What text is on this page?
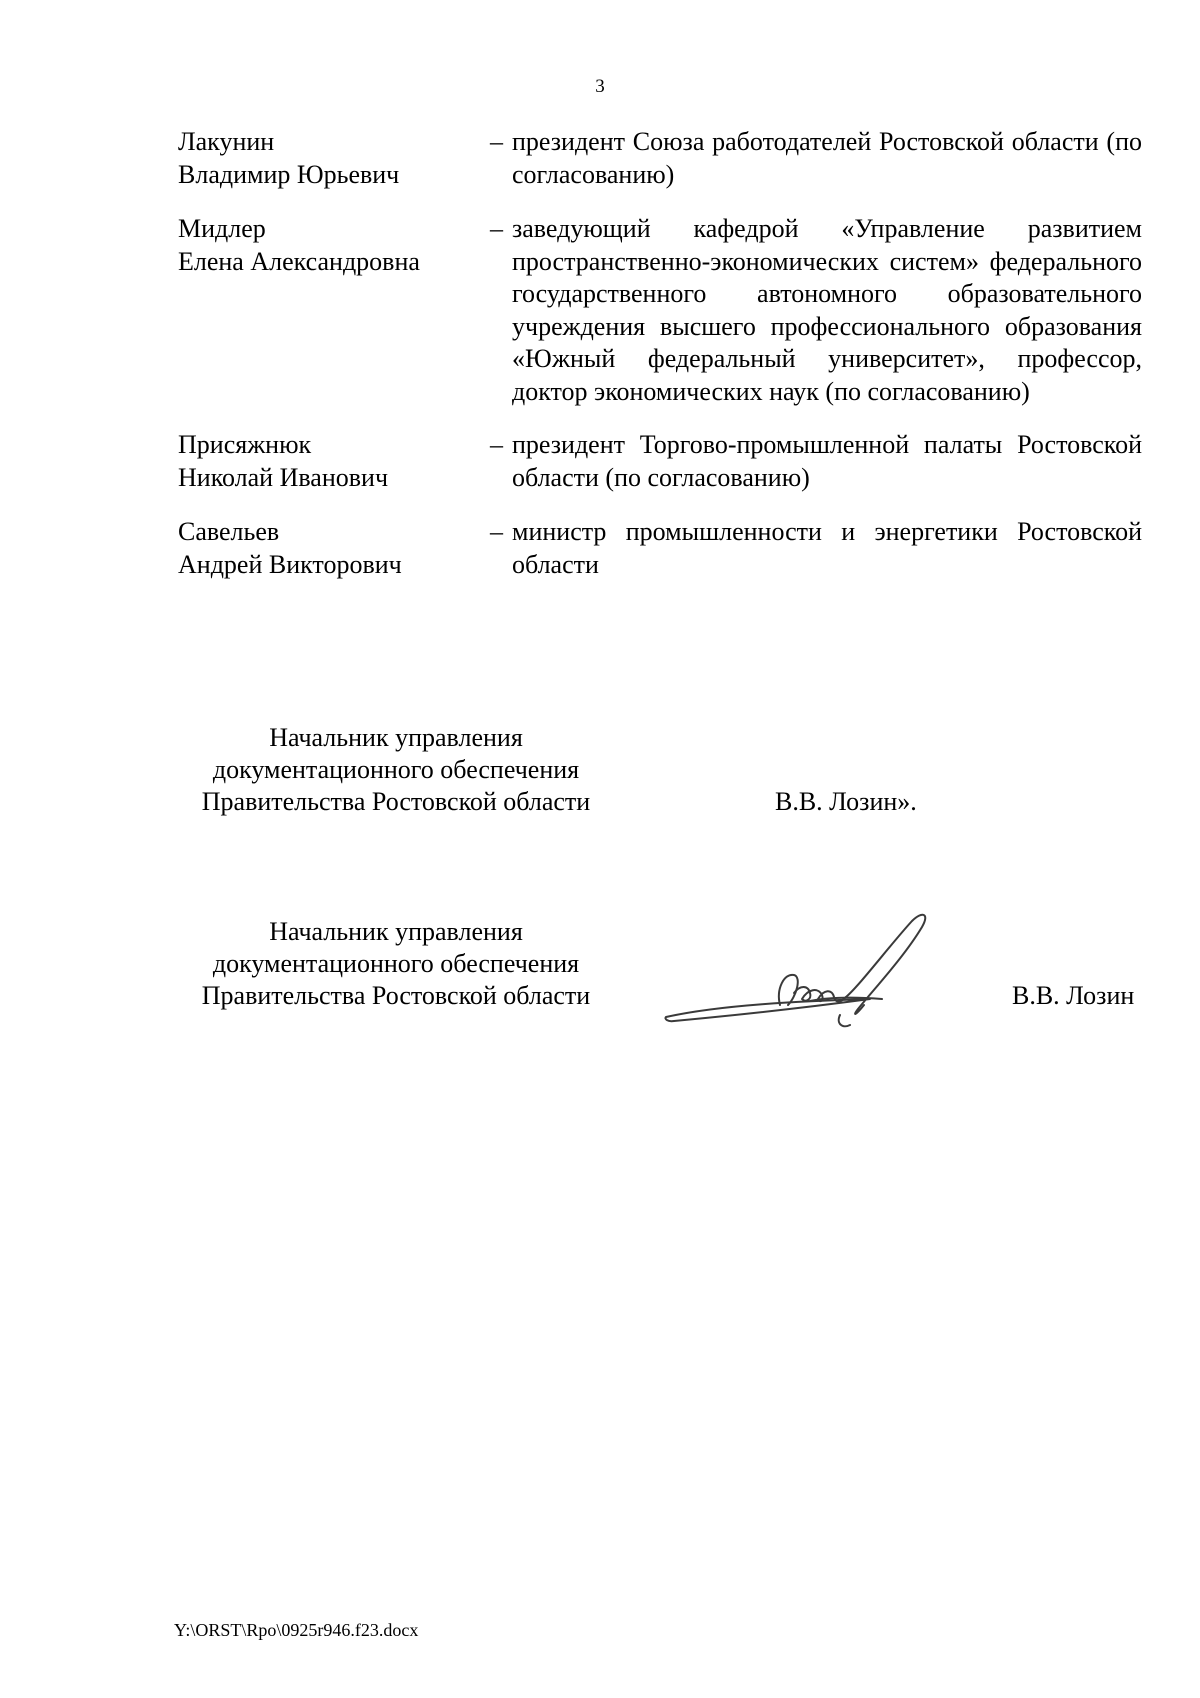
3
Лакунин
Владимир Юрьевич
– президент Союза работодателей Ростовской области (по согласованию)
Мидлер
Елена Александровна
– заведующий кафедрой «Управление развитием пространственно-экономических систем» федерального государственного автономного образовательного учреждения высшего профессионального образования «Южный федеральный университет», профессор, доктор экономических наук (по согласованию)
Присяжнюк
Николай Иванович
– президент Торгово-промышленной палаты Ростовской области (по согласованию)
Савельев
Андрей Викторович
– министр промышленности и энергетики Ростовской области
Начальник управления
документационного обеспечения
Правительства Ростовской области	В.В. Лозин».
Начальник управления
документационного обеспечения
Правительства Ростовской области	В.В. Лозин
Y:\ORST\Rpo\0925r946.f23.docx
